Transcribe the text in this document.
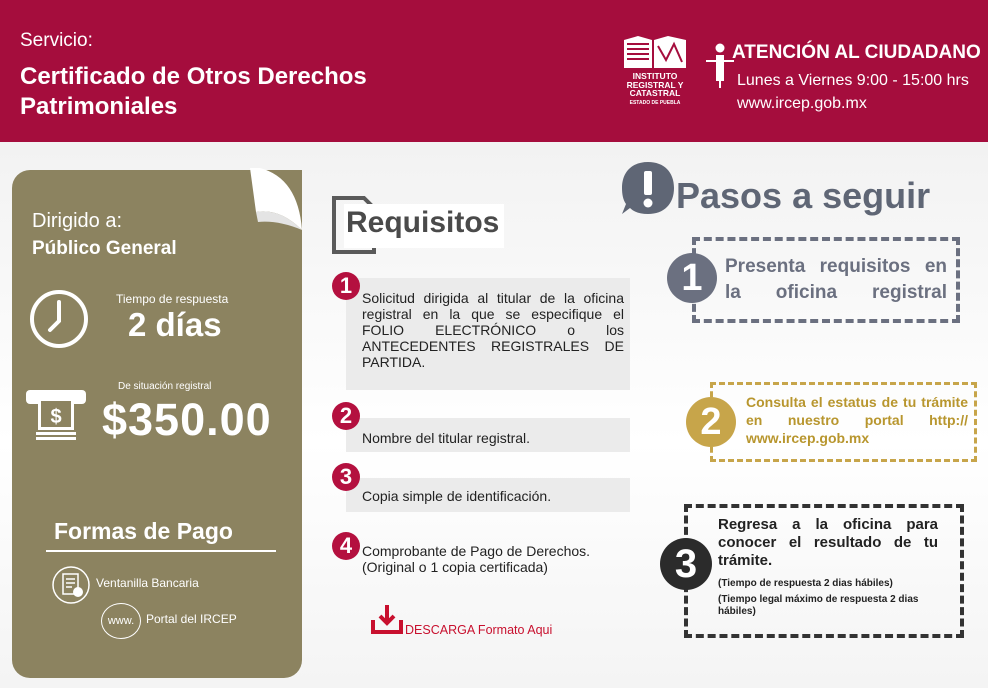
Servicio:
Certificado de Otros Derechos Patrimoniales
INSTITUTO
REGISTRAL Y
CATASTRAL
ESTADO DE PUEBLA
ATENCIÓN AL CIUDADANO
Lunes a Viernes 9:00 - 15:00 hrs
www.ircep.gob.mx
Dirigido a:
Público General
Tiempo de respuesta
2 días
$
De situación registral
$350.00
Formas de Pago
Ventanilla Bancaria
www. Portal del IRCEP
Requisitos
1 Solicitud dirigida al titular de la oficina registral en la que se especifique el FOLIO ELECTRÓNICO o los ANTECEDENTES REGISTRALES DE PARTIDA.
2
Nombre del titular registral.
3
Copia simple de identificación.
4 Comprobante de Pago de Derechos.
(Original o 1 copia certificada)
DESCARGA Formato Aqui
Pasos a seguir
1	Presenta requisitos en la oficina registral
2	Consulta el estatus de tu trámite en nuestro portal http:// www.ircep.gob.mx
3
Regresa a la oficina para conocer el resultado de tu trámite.
(Tiempo de respuesta 2 dias hábiles)
(Tiempo legal máximo de respuesta 2 dias hábiles)
